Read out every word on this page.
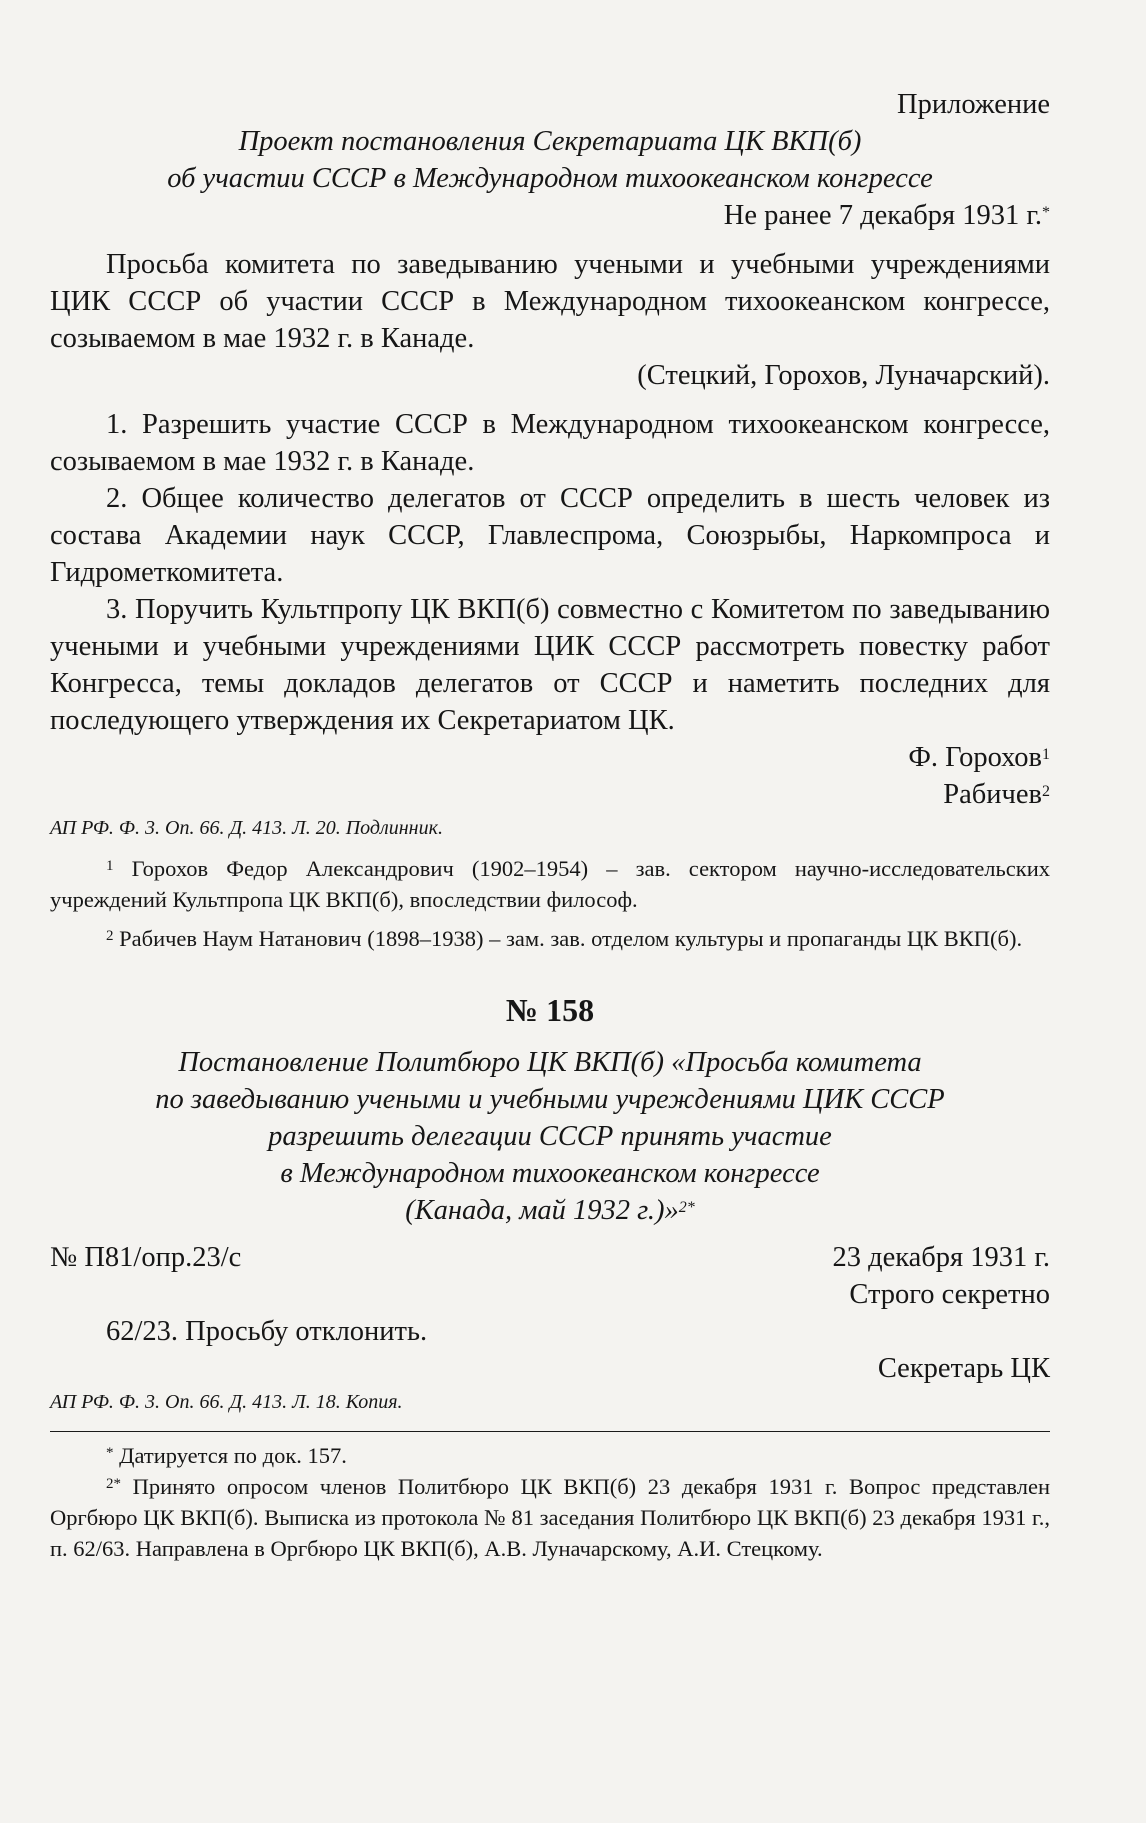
Приложение
Проект постановления Секретариата ЦК ВКП(б)
об участии СССР в Международном тихоокеанском конгрессе
Не ранее 7 декабря 1931 г.*
Просьба комитета по заведыванию учеными и учебными учреждениями ЦИК СССР об участии СССР в Международном тихоокеанском конгрессе, созываемом в мае 1932 г. в Канаде.
(Стецкий, Горохов, Луначарский).
1. Разрешить участие СССР в Международном тихоокеанском конгрессе, созываемом в мае 1932 г. в Канаде.
2. Общее количество делегатов от СССР определить в шесть человек из состава Академии наук СССР, Главлеспрома, Союзрыбы, Наркомпроса и Гидрометкомитета.
3. Поручить Культпропу ЦК ВКП(б) совместно с Комитетом по заведыванию учеными и учебными учреждениями ЦИК СССР рассмотреть повестку работ Конгресса, темы докладов делегатов от СССР и наметить последних для последующего утверждения их Секретариатом ЦК.
Ф. Горохов$^1$
Рабичев$^2$
АП РФ. Ф. 3. Оп. 66. Д. 413. Л. 20. Подлинник.
$^1$ Горохов Федор Александрович (1902–1954) – зав. сектором научно-исследовательских учреждений Культпропа ЦК ВКП(б), впоследствии философ.
$^2$ Рабичев Наум Натанович (1898–1938) – зам. зав. отделом культуры и пропаганды ЦК ВКП(б).
№ 158
Постановление Политбюро ЦК ВКП(б) «Просьба комитета
по заведыванию учеными и учебными учреждениями ЦИК СССР
разрешить делегации СССР принять участие
в Международном тихоокеанском конгрессе
(Канада, май 1932 г.)»$^{2*}$
№ П81/опр.23/с	23 декабря 1931 г.
Строго секретно
62/23. Просьбу отклонить.
Секретарь ЦК
АП РФ. Ф. 3. Оп. 66. Д. 413. Л. 18. Копия.
* Датируется по док. 157.
$^{2*}$ Принято опросом членов Политбюро ЦК ВКП(б) 23 декабря 1931 г. Вопрос представлен Оргбюро ЦК ВКП(б). Выписка из протокола № 81 заседания Политбюро ЦК ВКП(б) 23 декабря 1931 г., п. 62/63. Направлена в Оргбюро ЦК ВКП(б), А.В. Луначарскому, А.И. Стецкому.
